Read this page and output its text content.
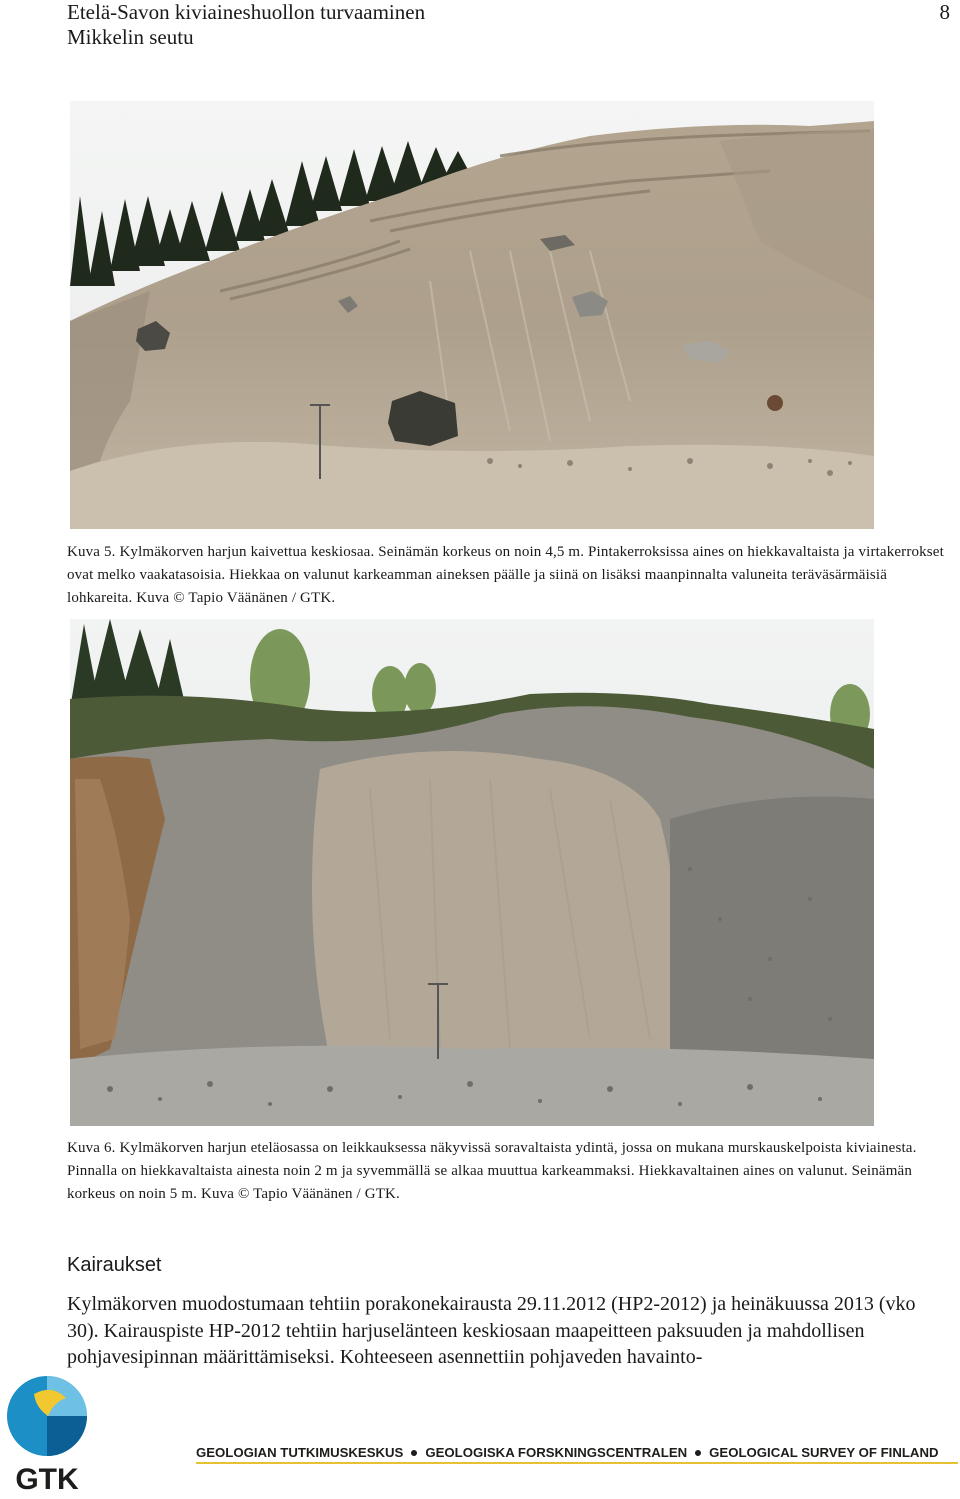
Etelä-Savon kiviaineshuollon turvaaminen
Mikkelin seutu
8
Kuva 5. Kylmäkorven harjun kaivettua keskiosaa. Seinämän korkeus on noin 4,5 m. Pintakerroksissa aines on hiekkavaltaista ja virtakerrokset ovat melko vaakatasoisia. Hiekkaa on valunut karkeamman aineksen päälle ja siinä on lisäksi maanpinnalta valuneita teräväsärmäisiä lohkareita. Kuva © Tapio Väänänen / GTK.
Kuva 6. Kylmäkorven harjun eteläosassa on leikkauksessa näkyvissä soravaltaista ydintä, jossa on mukana murskauskelpoista kiviainesta. Pinnalla on hiekkavaltaista ainesta noin 2 m ja syvemmällä se alkaa muuttua karkeammaksi. Hiekkavaltainen aines on valunut. Seinämän korkeus on noin 5 m. Kuva © Tapio Väänänen / GTK.
Kairaukset
Kylmäkorven muodostumaan tehtiin porakonekairausta 29.11.2012 (HP2-2012) ja heinäkuussa 2013 (vko 30). Kairauspiste HP-2012 tehtiin harjuselänteen keskiosaan maapeitteen paksuuden ja mahdollisen pohjavesipinnan määrittämiseksi. Kohteeseen asennettiin pohjaveden havainto-
GTK
GEOLOGIAN TUTKIMUSKESKUS GEOLOGISKA FORSKNINGSCENTRALEN GEOLOGICAL SURVEY OF FINLAND
